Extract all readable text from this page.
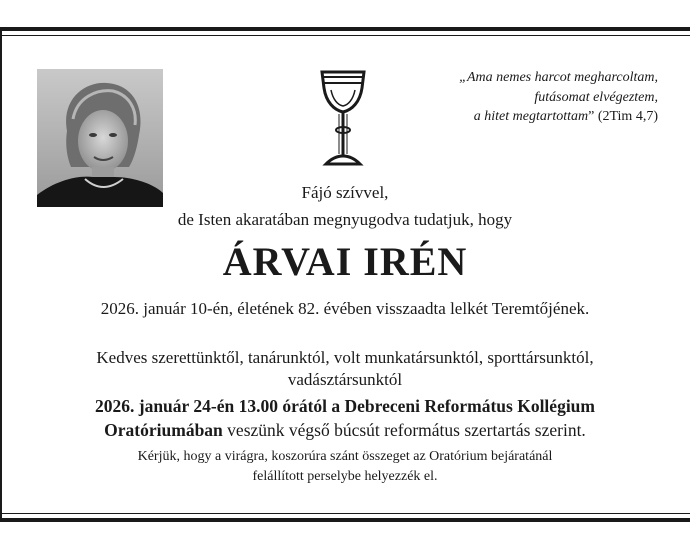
„Ama nemes harcot megharcoltam,
futásomat elvégeztem,
a hitet megtartottam” (2Tim 4,7)
Fájó szívvel,
de Isten akaratában megnyugodva tudatjuk, hogy
ÁRVAI IRÉN
2026. január 10-én, életének 82. évében visszaadta lelkét Teremtőjének.
Kedves szerettünktől, tanárunktól, volt munkatársunktól, sporttársunktól,
vadásztársunktól
2026. január 24-én 13.00 órától a Debreceni Református Kollégium
Oratóriumában veszünk végső búcsút református szertartás szerint.
Kérjük, hogy a virágra, koszorúra szánt összeget az Oratórium bejáratánál
felállított perselybe helyezzék el.
